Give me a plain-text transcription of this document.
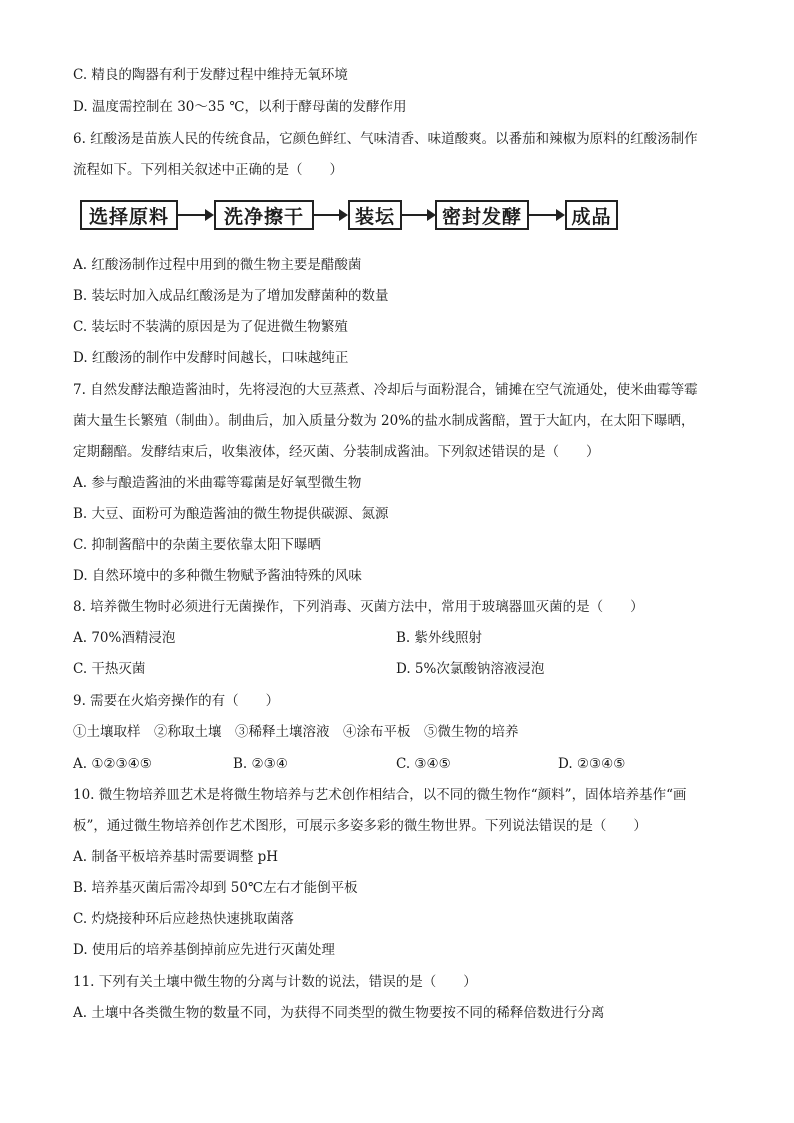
C. 精良的陶器有利于发酵过程中维持无氧环境
D. 温度需控制在 30～35 ℃，以利于酵母菌的发酵作用
6. 红酸汤是苗族人民的传统食品，它颜色鲜红、气味清香、味道酸爽。以番茄和辣椒为原料的红酸汤制作
流程如下。下列相关叙述中正确的是（　　）
选择原料	洗净擦干	装坛	密封发酵	成品
A. 红酸汤制作过程中用到的微生物主要是醋酸菌
B. 装坛时加入成品红酸汤是为了增加发酵菌种的数量
C. 装坛时不装满的原因是为了促进微生物繁殖
D. 红酸汤的制作中发酵时间越长，口味越纯正
7. 自然发酵法酿造酱油时，先将浸泡的大豆蒸煮、冷却后与面粉混合，铺摊在空气流通处，使米曲霉等霉
菌大量生长繁殖（制曲）。制曲后，加入质量分数为 20%的盐水制成酱醅，置于大缸内，在太阳下曝晒，
定期翻醅。发酵结束后，收集液体，经灭菌、分装制成酱油。下列叙述错误的是（　　）
A. 参与酿造酱油的米曲霉等霉菌是好氧型微生物
B. 大豆、面粉可为酿造酱油的微生物提供碳源、氮源
C. 抑制酱醅中的杂菌主要依靠太阳下曝晒
D. 自然环境中的多种微生物赋予酱油特殊的风味
8. 培养微生物时必须进行无菌操作，下列消毒、灭菌方法中，常用于玻璃器皿灭菌的是（　　）
A. 70%酒精浸泡	B. 紫外线照射
C. 干热灭菌	D. 5%次氯酸钠溶液浸泡
9. 需要在火焰旁操作的有（　　）
①土壤取样　②称取土壤　③稀释土壤溶液　④涂布平板　⑤微生物的培养
A. ①②③④⑤	B. ②③④	C. ③④⑤	D. ②③④⑤
10. 微生物培养皿艺术是将微生物培养与艺术创作相结合，以不同的微生物作“颜料”，固体培养基作“画
板”，通过微生物培养创作艺术图形，可展示多姿多彩的微生物世界。下列说法错误的是（　　）
A. 制备平板培养基时需要调整 pH
B. 培养基灭菌后需冷却到 50℃左右才能倒平板
C. 灼烧接种环后应趁热快速挑取菌落
D. 使用后的培养基倒掉前应先进行灭菌处理
11. 下列有关土壤中微生物的分离与计数的说法，错误的是（　　）
A. 土壤中各类微生物的数量不同，为获得不同类型的微生物要按不同的稀释倍数进行分离
